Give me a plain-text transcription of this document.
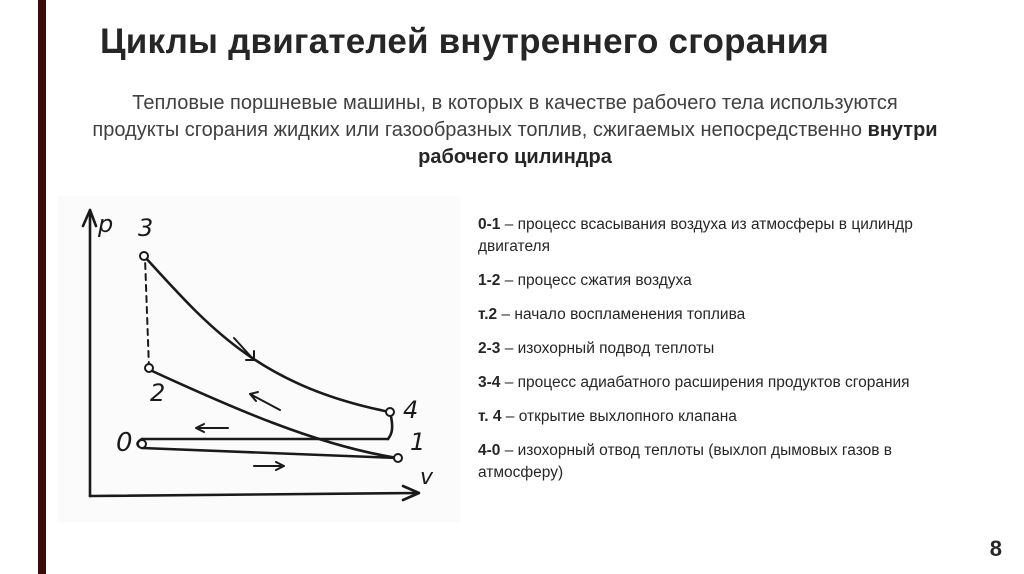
Циклы двигателей внутреннего сгорания
Тепловые поршневые машины, в которых в качестве рабочего тела используются продукты сгорания жидких или газообразных топлив, сжигаемых непосредственно внутри рабочего цилиндра
p
v
3
2
4
0	1
0-1 – процесс всасывания воздуха из атмосферы в цилиндр двигателя
1-2 – процесс сжатия воздуха
т.2 – начало воспламенения топлива
2-3 – изохорный подвод теплоты
3-4 – процесс адиабатного расширения продуктов сгорания
т. 4 – открытие выхлопного клапана
4-0 – изохорный отвод теплоты (выхлоп дымовых газов в атмосферу)
8
